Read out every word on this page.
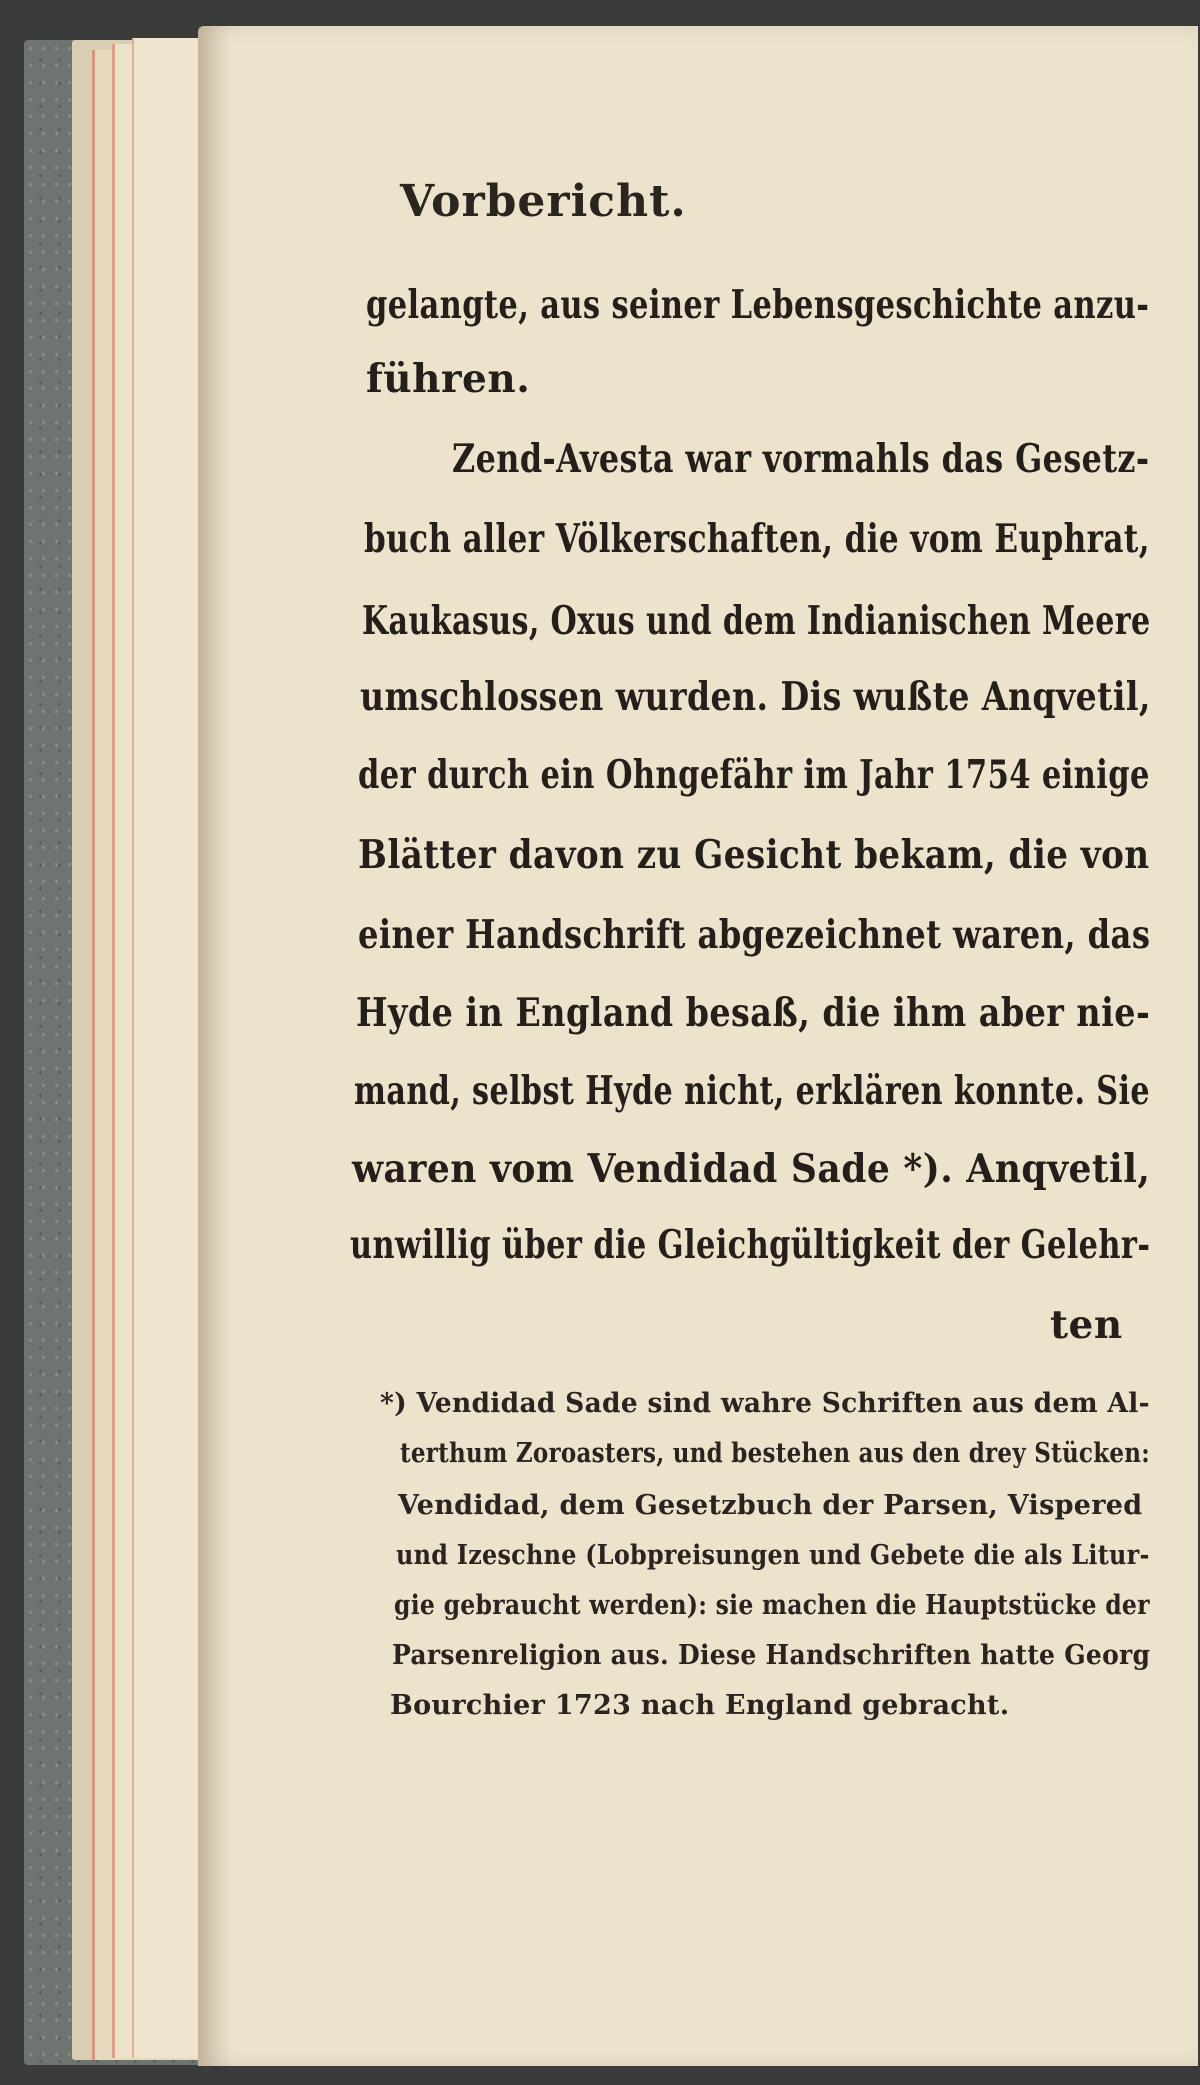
Vorbericht.
gelangte, aus seiner Lebensgeschichte anzu-
führen.
Zend-Avesta war vormahls das Gesetz-
buch aller Völkerschaften, die vom Euphrat,
Kaukasus, Oxus und dem Indianischen Meere
umschlossen wurden. Dis wußte Anqvetil,
der durch ein Ohngefähr im Jahr 1754 einige
Blätter davon zu Gesicht bekam, die von
einer Handschrift abgezeichnet waren, das
Hyde in England besaß, die ihm aber nie-
mand, selbst Hyde nicht, erklären konnte. Sie
waren vom Vendidad Sade *). Anqvetil,
unwillig über die Gleichgültigkeit der Gelehr-
ten
*) Vendidad Sade sind wahre Schriften aus dem Al-
terthum Zoroasters, und bestehen aus den drey Stücken:
Vendidad, dem Gesetzbuch der Parsen, Vispered
und Izeschne (Lobpreisungen und Gebete die als Litur-
gie gebraucht werden): sie machen die Hauptstücke der
Parsenreligion aus. Diese Handschriften hatte Georg
Bourchier 1723 nach England gebracht.
